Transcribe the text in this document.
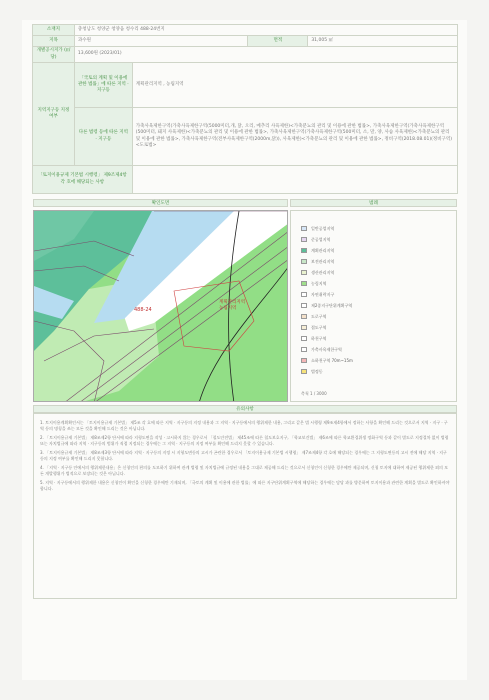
소재지	충청남도 청양군 청양읍 청수리 488-24번지			
지목	과수원		면적	31,005 ㎡
개별공시지가 (㎡당)	13,600원 (2023/01)			
지역지구등 지정여부	「국토의 계획 및 이용에 관한 법률」에 따른 지역 · 지구등	계획관리지역 , 농림지역		
	다른 법령 등에 따른 지역 · 지구등	가축사육제한구역(가축사육제한구역(5000미터,개, 닭, 오리, 메추리 사육제한)<가축분뇨의 관리 및 이용에 관한 법률>, 가축사육제한구역(가축사육제한구역(500미터, 돼지 사육제한)<가축분뇨의 관리 및 이용에 관한 법률>, 가축사육제한구역(가축사육제한구역(500미터, 소, 말, 양, 사슴 사육제한)<가축분뇨의 관리 및 이용에 관한 법률>, 가축사육제한구역(전부사육제한구역(2000m,닭)), 사육제한)<가축분뇨의 관리 및 이용에 관한 법률>, 정비구역(2018.08.01)(정비구역)<도로법>		
「토지이용규제 기본법 시행령」 제9조제4항 각 호에 해당되는 사항				
확인도면	범례
488-24
계획관리지역
농림지역
일반공업지역
준공업지역
계획관리지역
보전관리지역
생산관리지역
농림지역
자연취락지구
제2종지구단위계획구역
도로구역
접도구역
하천구역
가축사육제한구역
소하천구역 70m~15m
법정동
축척 1 / 3000
유의사항

1. 토지이용계획확인서는 「토지이용규제 기본법」 제5조 각 호에 따른 지역 · 지구등의 지정 내용과 그 지역 · 지구등에서의 행위제한 내용, 그리고 같은 법 시행령 제9조제4항에서 정하는 사항을 확인해 드리는 것으로서 지역 · 지구 · 구역 등의 명칭을 쓰는 모든 것을 확인해 드리는 것은 아닙니다.

2. 「토지이용규제 기본법」 제8조제2항 단서에 따라 지형도면을 작성 · 고시하지 않는 경우로서 「철도안전법」 제45조에 따른 철도보호지구, 「학교보건법」 제6조에 따른 학교환경위생 정화구역 등과 같이 별도로 지정절차 없이 법령 또는 자치법규에 따라 지역 · 지구등의 범위가 직접 지정되는 경우에는 그 지역 · 지구등의 지정 여부를 확인해 드리지 못할 수 있습니다.

3. 「토지이용규제 기본법」 제8조제3항 단서에 따라 지역 · 지구등의 지정 시 지형도면등의 고시가 곤란한 경우로서 「토지이용규제 기본법 시행령」 제7조제4항 각 호에 해당되는 경우에는 그 지형도면등의 고시 전에 해당 지역 · 지구등의 지정 여부를 확인해 드리지 못합니다.

4. 「지역 · 지구등 안에서의 행위제한내용」은 신청인의 편의를 도모하기 위하여 관계 법령 및 자치법규에 규정된 내용을 그대로 제공해 드리는 것으로서 신청인이 신청한 경우에만 제공되며, 신청 토지에 대하여 제공된 행위제한 외의 모든 개발행위가 법적으로 보장되는 것은 아닙니다.

5. 지역 · 지구등에서의 행위제한 내용은 신청인이 확인을 신청한 경우에만 기재되며, 「국토의 계획 및 이용에 관한 법률」에 따른 지구단위계획구역에 해당하는 경우에는 담당 과를 방문하여 토지이용과 관련한 계획을 별도로 확인하셔야 합니다.
